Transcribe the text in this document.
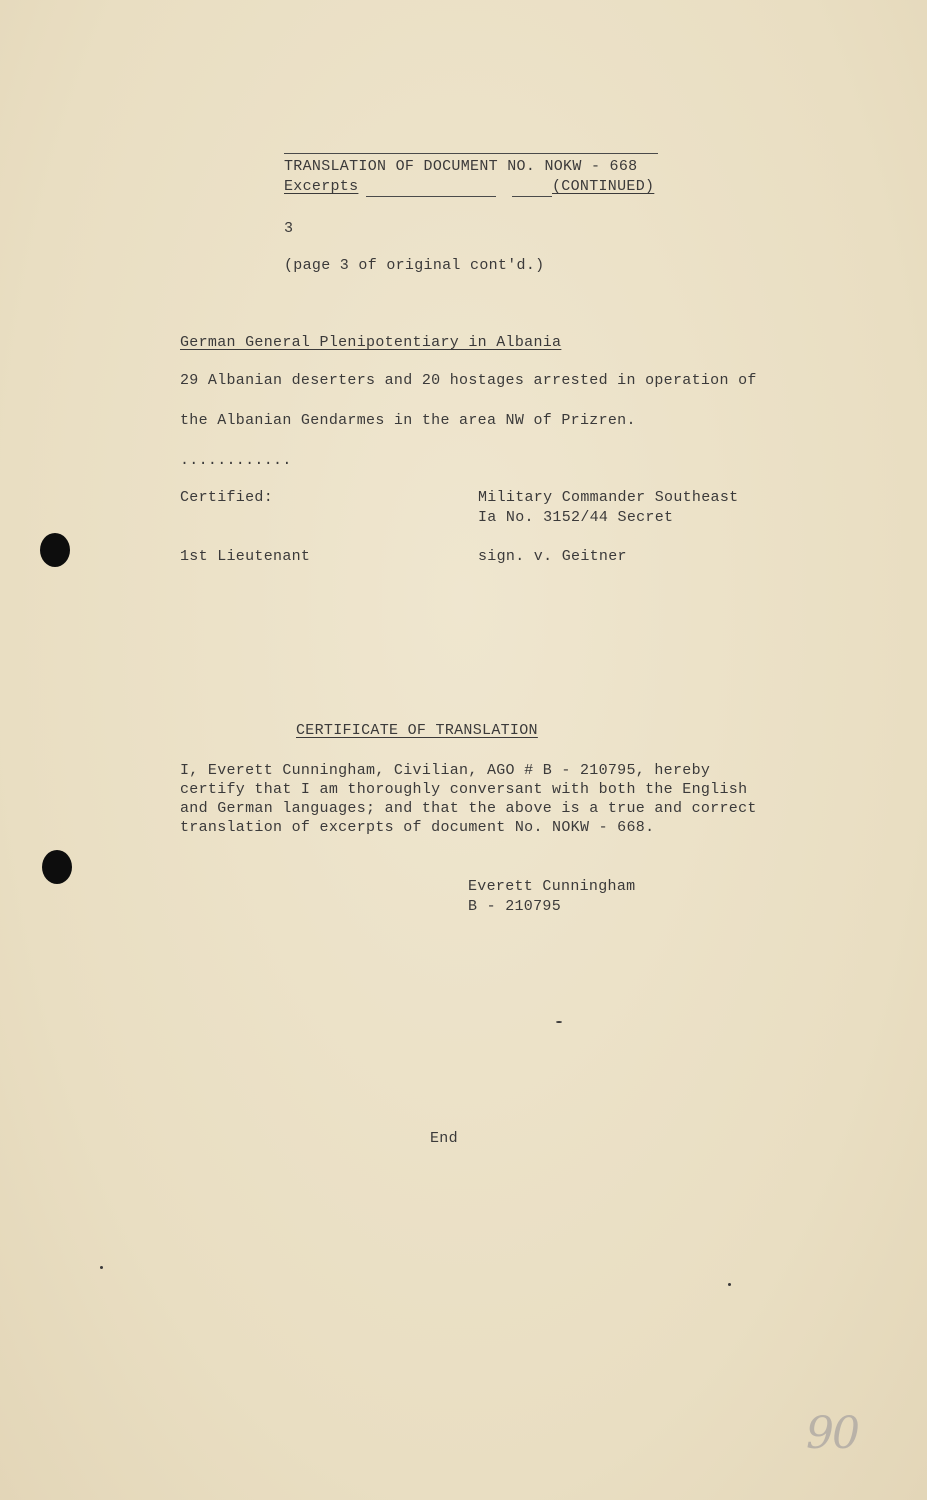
TRANSLATION OF DOCUMENT NO. NOKW - 668
Excerpts	(CONTINUED)
3
(page 3 of original cont'd.)
German General Plenipotentiary in Albania
29 Albanian deserters and 20 hostages arrested in operation of
the Albanian Gendarmes in the area NW of Prizren.
............
Certified:	Military Commander Southeast
Ia No. 3152/44 Secret
1st Lieutenant	sign. v. Geitner
CERTIFICATE OF TRANSLATION
I, Everett Cunningham, Civilian, AGO # B - 210795, hereby
certify that I am thoroughly conversant with both the English
and German languages; and that the above is a true and correct
translation of excerpts of document No. NOKW - 668.
Everett Cunningham
B - 210795
End
90
